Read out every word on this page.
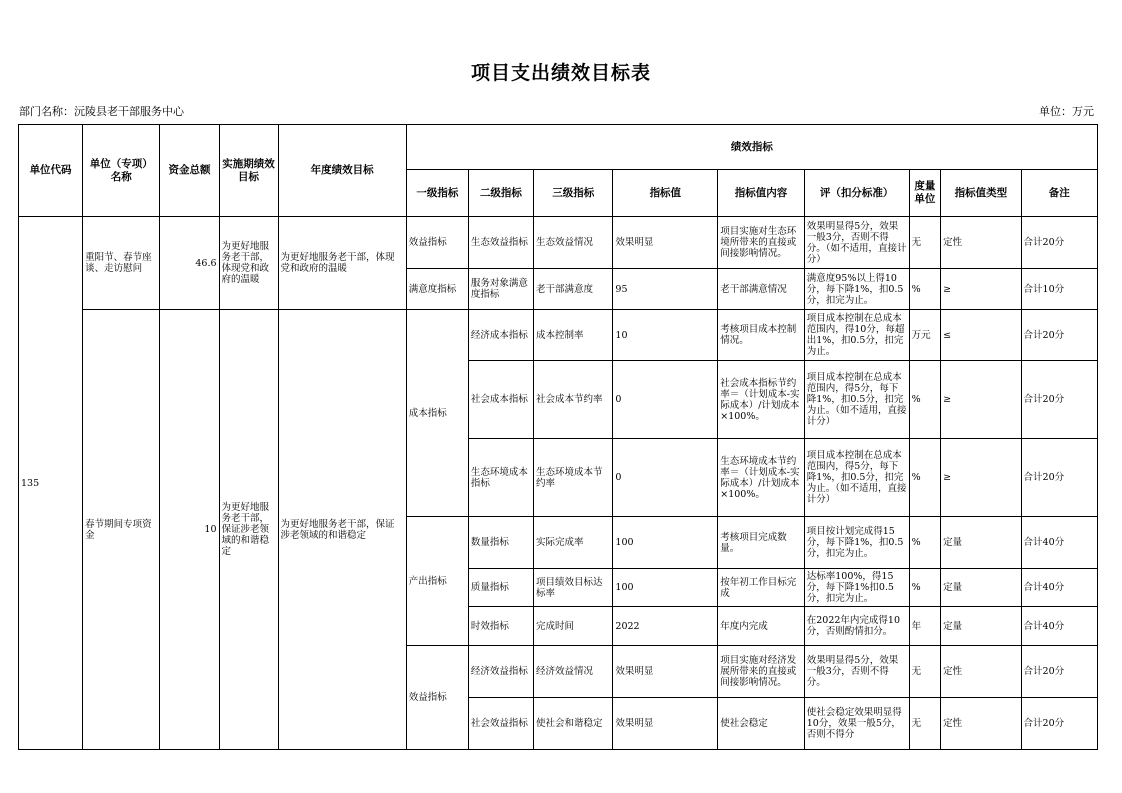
项目支出绩效目标表
部门名称：沅陵县老干部服务中心	单位：万元
单位代码	单位（专项）名称	资金总额	实施期绩效目标	年度绩效目标	绩效指标								
					一级指标	二级指标	三级指标	指标值	指标值内容	评（扣分标准）	度量单位	指标值类型	备注
135	重阳节、春节座谈、走访慰问	46.6	为更好地服务老干部，体现党和政府的温暖	为更好地服务老干部，体现党和政府的温暖	效益指标	生态效益指标	生态效益情况	效果明显	项目实施对生态环境所带来的直接或间接影响情况。	效果明显得5分，效果一般3分，否则不得分。（如不适用，直接计分）	无	定性	合计20分
					满意度指标	服务对象满意度指标	老干部满意度	95	老干部满意情况	满意度95%以上得10分，每下降1%，扣0.5分，扣完为止。	%	≥	合计10分
	春节期间专项资金	10	为更好地服务老干部，保证涉老领域的和谐稳定	为更好地服务老干部，保证涉老领域的和谐稳定	成本指标	经济成本指标	成本控制率	10	考核项目成本控制情况。	项目成本控制在总成本范围内，得10分，每超出1%，扣0.5分，扣完为止。	万元	≤	合计20分
						社会成本指标	社会成本节约率	0	社会成本指标节约率＝（计划成本-实际成本）/计划成本×100%。	项目成本控制在总成本范围内，得5分，每下降1%，扣0.5分，扣完为止。（如不适用，直接计分）	%	≥	合计20分
						生态环境成本指标	生态环境成本节约率	0	生态环境成本节约率＝（计划成本-实际成本）/计划成本×100%。	项目成本控制在总成本范围内，得5分，每下降1%，扣0.5分，扣完为止。（如不适用，直接计分）	%	≥	合计20分
					产出指标	数量指标	实际完成率	100	考核项目完成数量。	项目按计划完成得15分，每下降1%，扣0.5分，扣完为止。	%	定量	合计40分
						质量指标	项目绩效目标达标率	100	按年初工作目标完成	达标率100%，得15分，每下降1%扣0.5分，扣完为止。	%	定量	合计40分
						时效指标	完成时间	2022	年度内完成	在2022年内完成得10分，否则酌情扣分。	年	定量	合计40分
					效益指标	经济效益指标	经济效益情况	效果明显	项目实施对经济发展所带来的直接或间接影响情况。	效果明显得5分，效果一般3分，否则不得分。	无	定性	合计20分
						社会效益指标	使社会和谐稳定	效果明显	使社会稳定	使社会稳定效果明显得10分，效果一般5分，否则不得分	无	定性	合计20分
